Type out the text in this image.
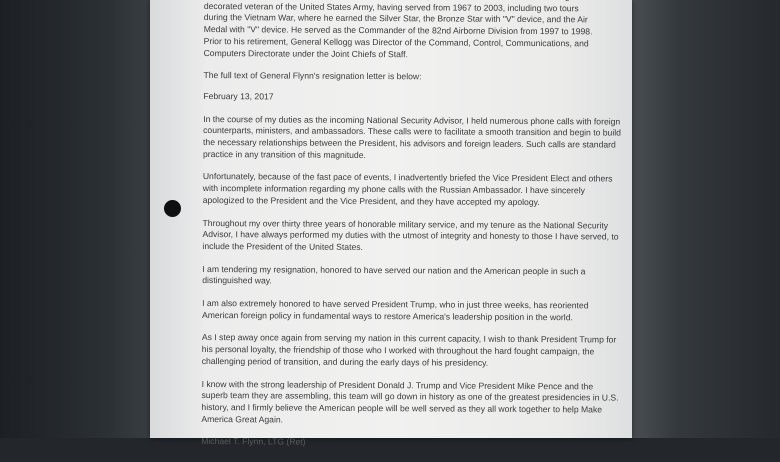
decorated veteran of the United States Army, having served from 1967 to 2003, including two tours
during the Vietnam War, where he earned the Silver Star, the Bronze Star with "V" device, and the Air
Medal with "V" device. He served as the Commander of the 82nd Airborne Division from 1997 to 1998.
Prior to his retirement, General Kellogg was Director of the Command, Control, Communications, and
Computers Directorate under the Joint Chiefs of Staff.

The full text of General Flynn's resignation letter is below:

February 13, 2017

In the course of my duties as the incoming National Security Advisor, I held numerous phone calls with foreign counterparts, ministers, and ambassadors. These calls were to facilitate a smooth transition and begin to build the necessary relationships between the President, his advisors and foreign leaders. Such calls are standard practice in any transition of this magnitude.

Unfortunately, because of the fast pace of events, I inadvertently briefed the Vice President Elect and others with incomplete information regarding my phone calls with the Russian Ambassador. I have sincerely apologized to the President and the Vice President, and they have accepted my apology.

Throughout my over thirty three years of honorable military service, and my tenure as the National Security Advisor, I have always performed my duties with the utmost of integrity and honesty to those I have served, to include the President of the United States.

I am tendering my resignation, honored to have served our nation and the American people in such a distinguished way.

I am also extremely honored to have served President Trump, who in just three weeks, has reoriented American foreign policy in fundamental ways to restore America's leadership position in the world.

As I step away once again from serving my nation in this current capacity, I wish to thank President Trump for his personal loyalty, the friendship of those who I worked with throughout the hard fought campaign, the challenging period of transition, and during the early days of his presidency.

I know with the strong leadership of President Donald J. Trump and Vice President Mike Pence and the superb team they are assembling, this team will go down in history as one of the greatest presidencies in U.S. history, and I firmly believe the American people will be well served as they all work together to help Make America Great Again.

Michael T. Flynn, LTG (Ret)
